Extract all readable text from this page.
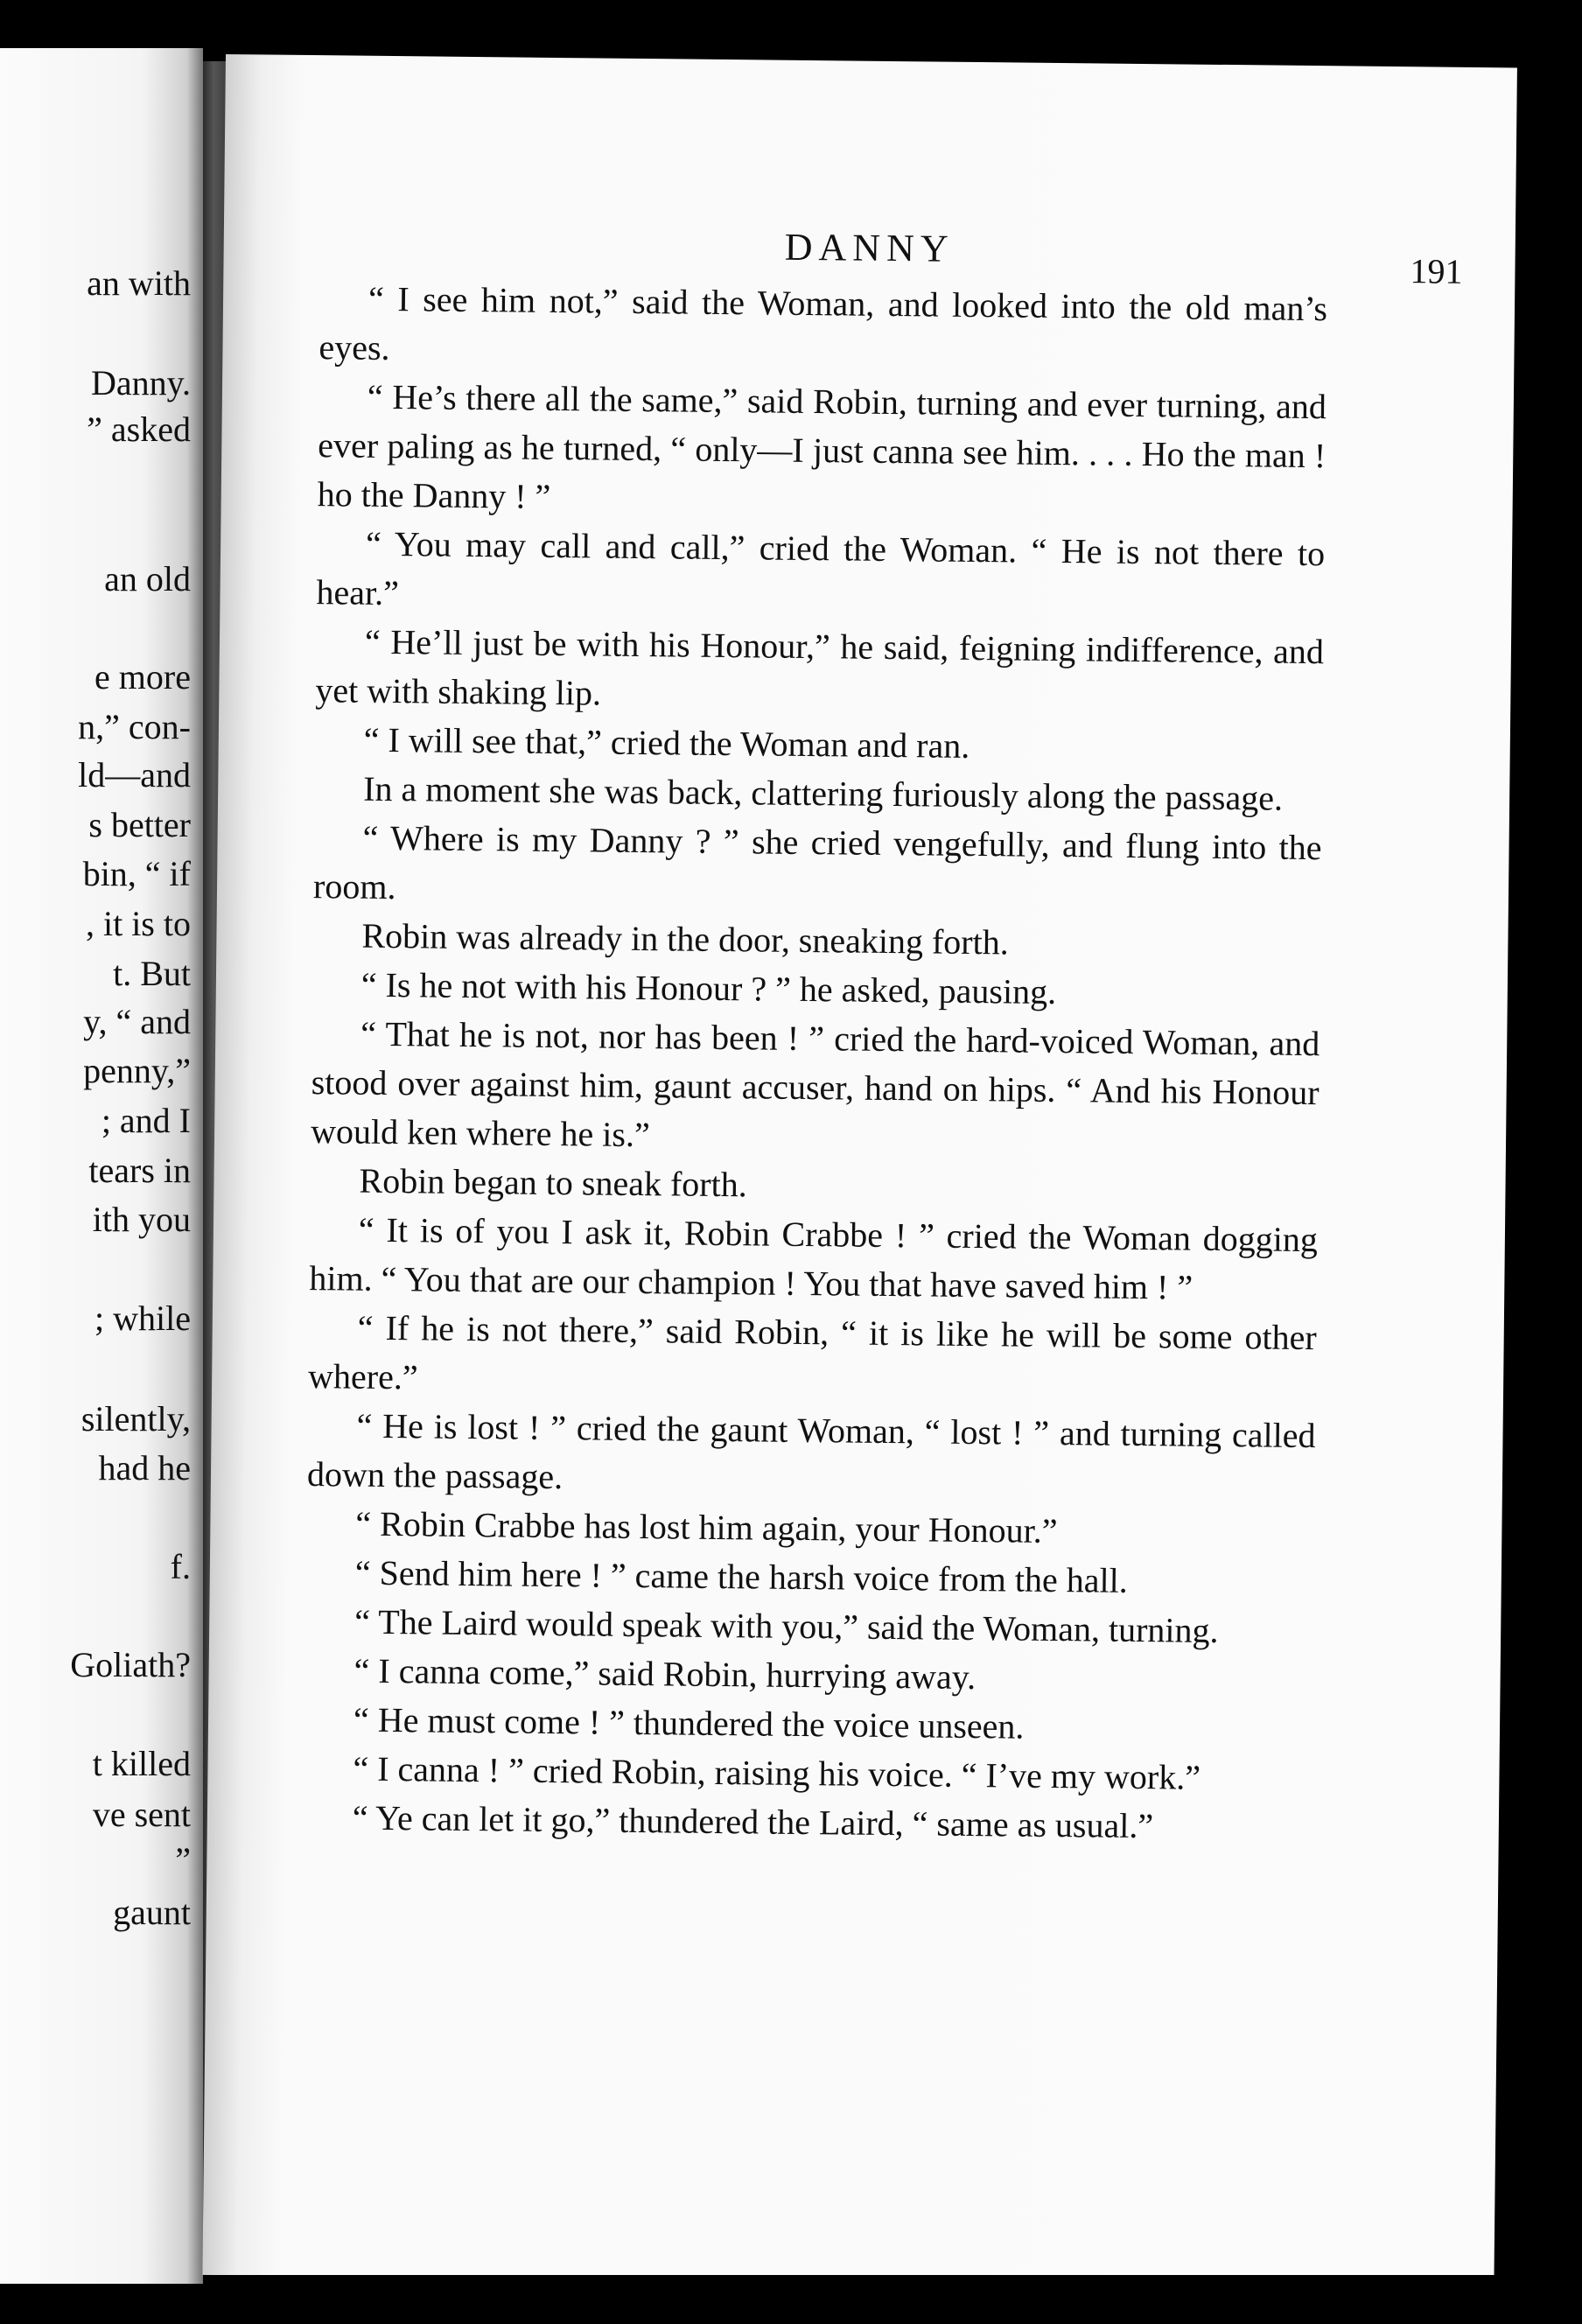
an with
Danny.
” asked
an old
e more
n,” con-
ld—and
s better
bin, “ if
, it is to
t. But
y, “ and
penny,”
; and I
tears in
ith you
; while
silently,
had he
f.
Goliath?
t killed
ve sent
”
gaunt
DANNY
191

“ I see him not,” said the Woman, and looked into the old man’s eyes.

“ He’s there all the same,” said Robin, turning and ever turning, and ever paling as he turned, “ only—I just canna see him. . . . Ho the man ! ho the Danny ! ”

“ You may call and call,” cried the Woman. “ He is not there to hear.”

“ He’ll just be with his Honour,” he said, feigning indifference, and yet with shaking lip.

“ I will see that,” cried the Woman and ran.

In a moment she was back, clattering furiously along the passage.

“ Where is my Danny ? ” she cried vengefully, and flung into the room.

Robin was already in the door, sneaking forth.

“ Is he not with his Honour ? ” he asked, pausing.

“ That he is not, nor has been ! ” cried the hard-voiced Woman, and stood over against him, gaunt accuser, hand on hips. “ And his Honour would ken where he is.”

Robin began to sneak forth.

“ It is of you I ask it, Robin Crabbe ! ” cried the Woman dogging him. “ You that are our champion ! You that have saved him ! ”

“ If he is not there,” said Robin, “ it is like he will be some other where.”

“ He is lost ! ” cried the gaunt Woman, “ lost ! ” and turning called down the passage.

“ Robin Crabbe has lost him again, your Honour.”

“ Send him here ! ” came the harsh voice from the hall.

“ The Laird would speak with you,” said the Woman, turning.

“ I canna come,” said Robin, hurrying away.

“ He must come ! ” thundered the voice unseen.

“ I canna ! ” cried Robin, raising his voice. “ I’ve my work.”

“ Ye can let it go,” thundered the Laird, “ same as usual.”
